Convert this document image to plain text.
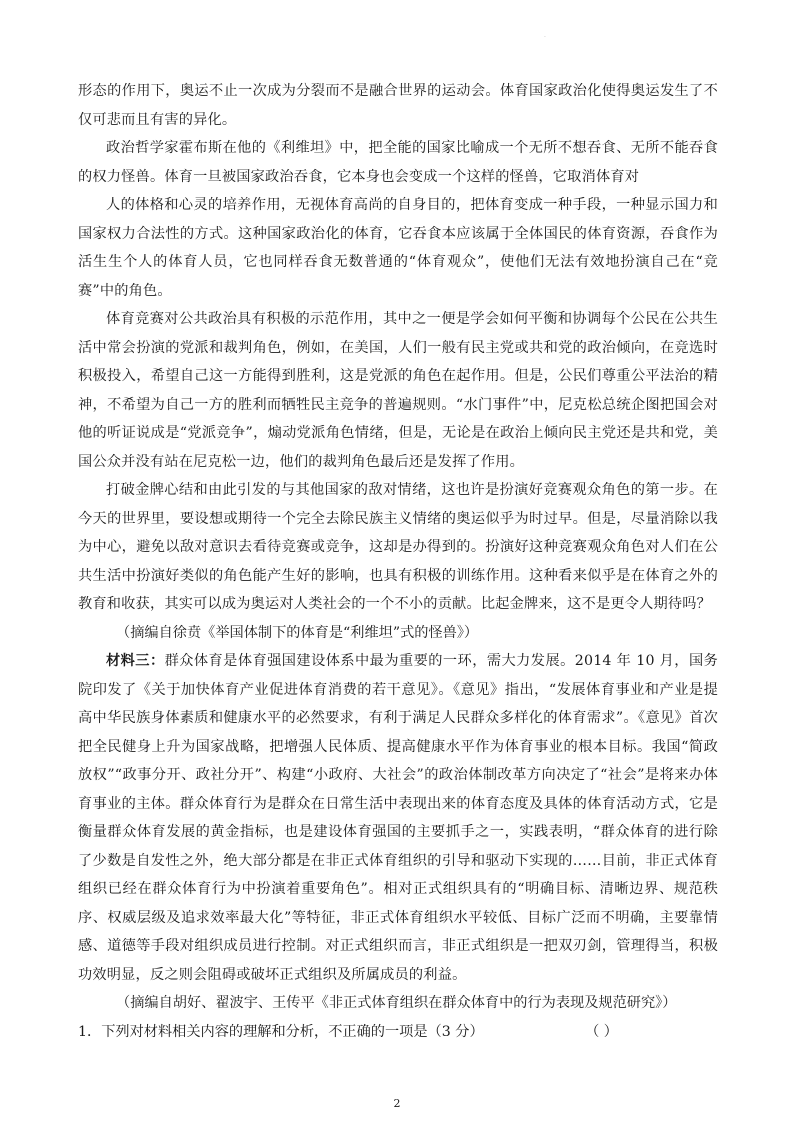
·

形态的作用下，奥运不止一次成为分裂而不是融合世界的运动会。体育国家政治化使得奥运发生了不仅可悲而且有害的异化。

政治哲学家霍布斯在他的《利维坦》中，把全能的国家比喻成一个无所不想吞食、无所不能吞食的权力怪兽。体育一旦被国家政治吞食，它本身也会变成一个这样的怪兽，它取消体育对

人的体格和心灵的培养作用，无视体育高尚的自身目的，把体育变成一种手段，一种显示国力和国家权力合法性的方式。这种国家政治化的体育，它吞食本应该属于全体国民的体育资源，吞食作为活生生个人的体育人员，它也同样吞食无数普通的“体育观众”，使他们无法有效地扮演自己在“竞赛”中的角色。

体育竞赛对公共政治具有积极的示范作用，其中之一便是学会如何平衡和协调每个公民在公共生活中常会扮演的党派和裁判角色，例如，在美国，人们一般有民主党或共和党的政治倾向，在竞选时积极投入，希望自己这一方能得到胜利，这是党派的角色在起作用。但是，公民们尊重公平法治的精神，不希望为自己一方的胜利而牺牲民主竞争的普遍规则。“水门事件”中，尼克松总统企图把国会对他的听证说成是“党派竞争”，煽动党派角色情绪，但是，无论是在政治上倾向民主党还是共和党，美国公众并没有站在尼克松一边，他们的裁判角色最后还是发挥了作用。

打破金牌心结和由此引发的与其他国家的敌对情绪，这也许是扮演好竞赛观众角色的第一步。在今天的世界里，要设想或期待一个完全去除民族主义情绪的奥运似乎为时过早。但是，尽量消除以我为中心，避免以敌对意识去看待竞赛或竞争，这却是办得到的。扮演好这种竞赛观众角色对人们在公共生活中扮演好类似的角色能产生好的影响，也具有积极的训练作用。这种看来似乎是在体育之外的教育和收获，其实可以成为奥运对人类社会的一个不小的贡献。比起金牌来，这不是更令人期待吗？

（摘编自徐贲《举国体制下的体育是“利维坦”式的怪兽》）

材料三：群众体育是体育强国建设体系中最为重要的一环，需大力发展。2014 年 10 月，国务院印发了《关于加快体育产业促进体育消费的若干意见》。《意见》指出，“发展体育事业和产业是提高中华民族身体素质和健康水平的必然要求，有利于满足人民群众多样化的体育需求”。《意见》首次把全民健身上升为国家战略，把增强人民体质、提高健康水平作为体育事业的根本目标。我国“简政放权”“政事分开、政社分开”、构建“小政府、大社会”的政治体制改革方向决定了“社会”是将来办体育事业的主体。群众体育行为是群众在日常生活中表现出来的体育态度及具体的体育活动方式，它是衡量群众体育发展的黄金指标，也是建设体育强国的主要抓手之一，实践表明，“群众体育的进行除了少数是自发性之外，绝大部分都是在非正式体育组织的引导和驱动下实现的……目前，非正式体育组织已经在群众体育行为中扮演着重要角色”。相对正式组织具有的“明确目标、清晰边界、规范秩序、权威层级及追求效率最大化”等特征，非正式体育组织水平较低、目标广泛而不明确，主要靠情感、道德等手段对组织成员进行控制。对正式组织而言，非正式组织是一把双刃剑，管理得当，积极功效明显，反之则会阻碍或破坏正式组织及所属成员的利益。

（摘编自胡好、翟波宇、王传平《非正式体育组织在群众体育中的行为表现及规范研究》）

1．下列对材料相关内容的理解和分析，不正确的一项是（3 分）	（ ）
2
